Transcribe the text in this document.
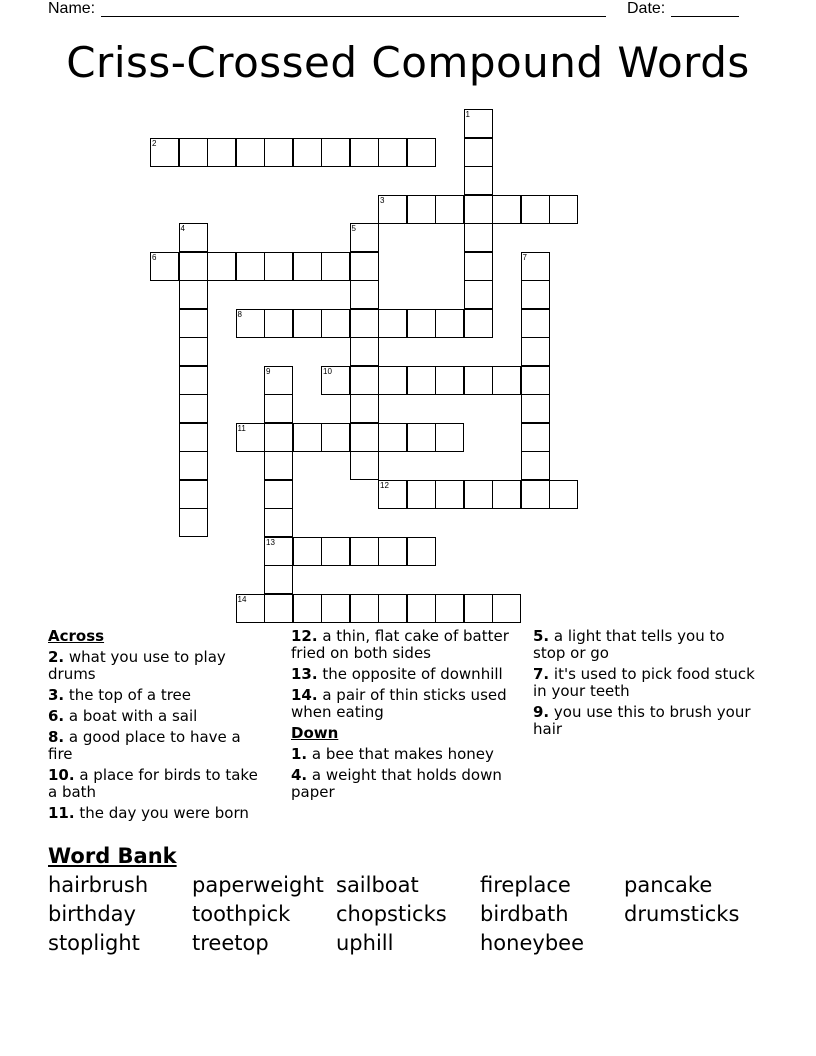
Name:	Date:
Criss-Crossed Compound Words
1
2
3
4	5
6	7
8
9
13
10
11
12
14
Across
2. what you use to play drums
3. the top of a tree
6. a boat with a sail
8. a good place to have a fire
10. a place for birds to take a bath
11. the day you were born
12. a thin, flat cake of batter fried on both sides
13. the opposite of downhill
14. a pair of thin sticks used when eating
Down
1. a bee that makes honey
4. a weight that holds down paper
5. a light that tells you to stop or go
7. it's used to pick food stuck in your teeth
9. you use this to brush your hair
Word Bank
hairbrush	paperweight sailboat	fireplace	pancake
birthday	toothpick	chopsticks	birdbath	drumsticks
stoplight	treetop	uphill	honeybee
